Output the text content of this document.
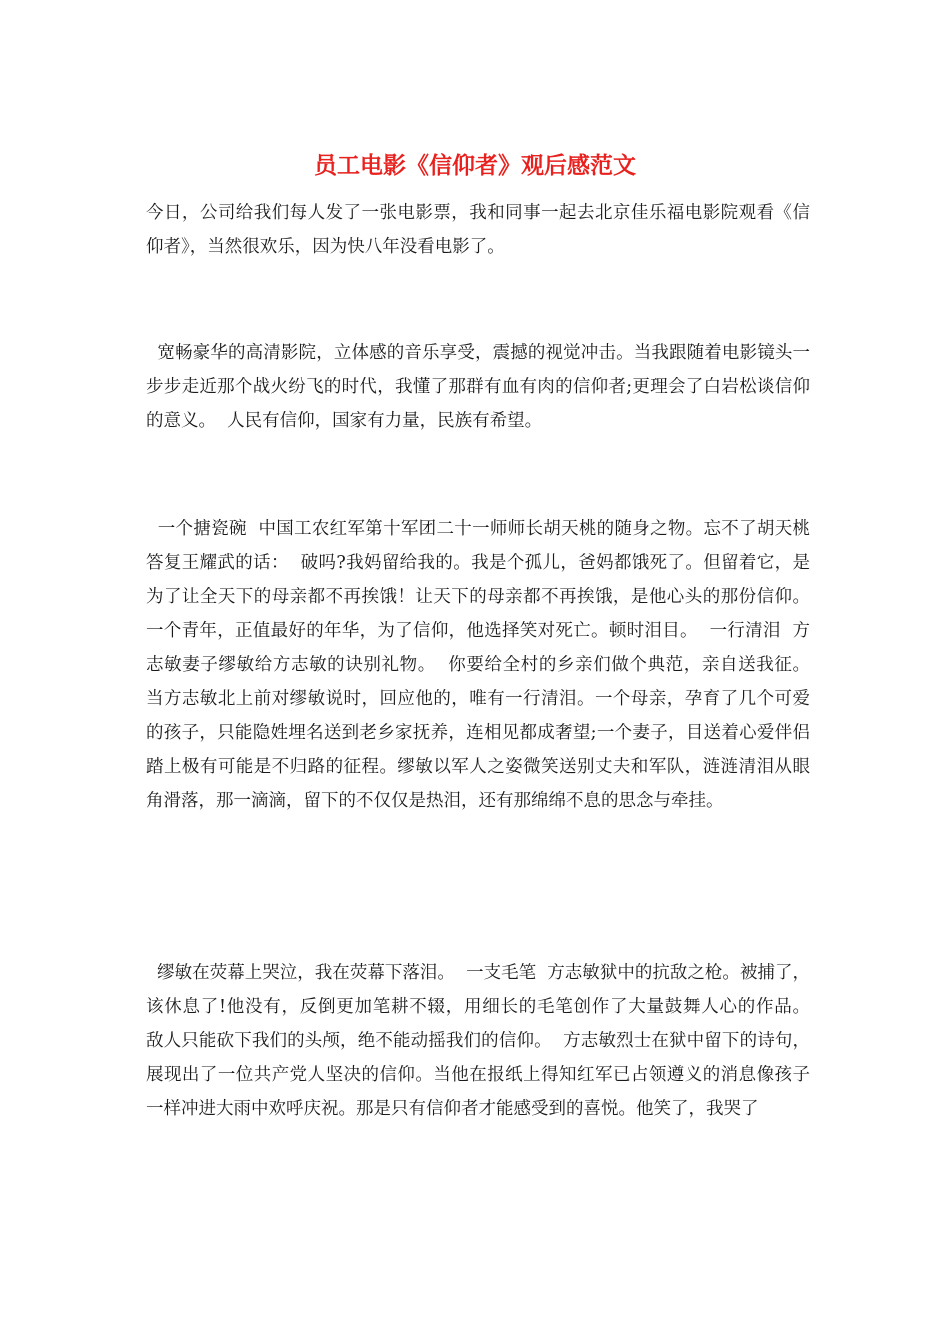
员工电影《信仰者》观后感范文

今日，公司给我们每人发了一张电影票，我和同事一起去北京佳乐福电影院观看《信仰者》，当然很欢乐，因为快八年没看电影了。

宽畅豪华的高清影院，立体感的音乐享受，震撼的视觉冲击。当我跟随着电影镜头一步步走近那个战火纷飞的时代，我懂了那群有血有肉的信仰者;更理会了白岩松谈信仰的意义。  人民有信仰，国家有力量，民族有希望。

一个搪瓷碗  中国工农红军第十军团二十一师师长胡天桃的随身之物。忘不了胡天桃答复王耀武的话：  破吗?我妈留给我的。我是个孤儿，爸妈都饿死了。但留着它，是为了让全天下的母亲都不再挨饿！让天下的母亲都不再挨饿，是他心头的那份信仰。一个青年，正值最好的年华，为了信仰，他选择笑对死亡。顿时泪目。  一行清泪  方志敏妻子缪敏给方志敏的诀别礼物。  你要给全村的乡亲们做个典范，亲自送我征。  当方志敏北上前对缪敏说时，回应他的，唯有一行清泪。一个母亲，孕育了几个可爱的孩子，只能隐姓埋名送到老乡家抚养，连相见都成奢望;一个妻子，目送着心爱伴侣踏上极有可能是不归路的征程。缪敏以军人之姿微笑送别丈夫和军队，涟涟清泪从眼角滑落，那一滴滴，留下的不仅仅是热泪，还有那绵绵不息的思念与牵挂。

缪敏在荧幕上哭泣，我在荧幕下落泪。  一支毛笔  方志敏狱中的抗敌之枪。被捕了，该休息了!他没有，反倒更加笔耕不辍，用细长的毛笔创作了大量鼓舞人心的作品。  敌人只能砍下我们的头颅，绝不能动摇我们的信仰。  方志敏烈士在狱中留下的诗句，展现出了一位共产党人坚决的信仰。当他在报纸上得知红军已占领遵义的消息像孩子一样冲进大雨中欢呼庆祝。那是只有信仰者才能感受到的喜悦。他笑了，我哭了
